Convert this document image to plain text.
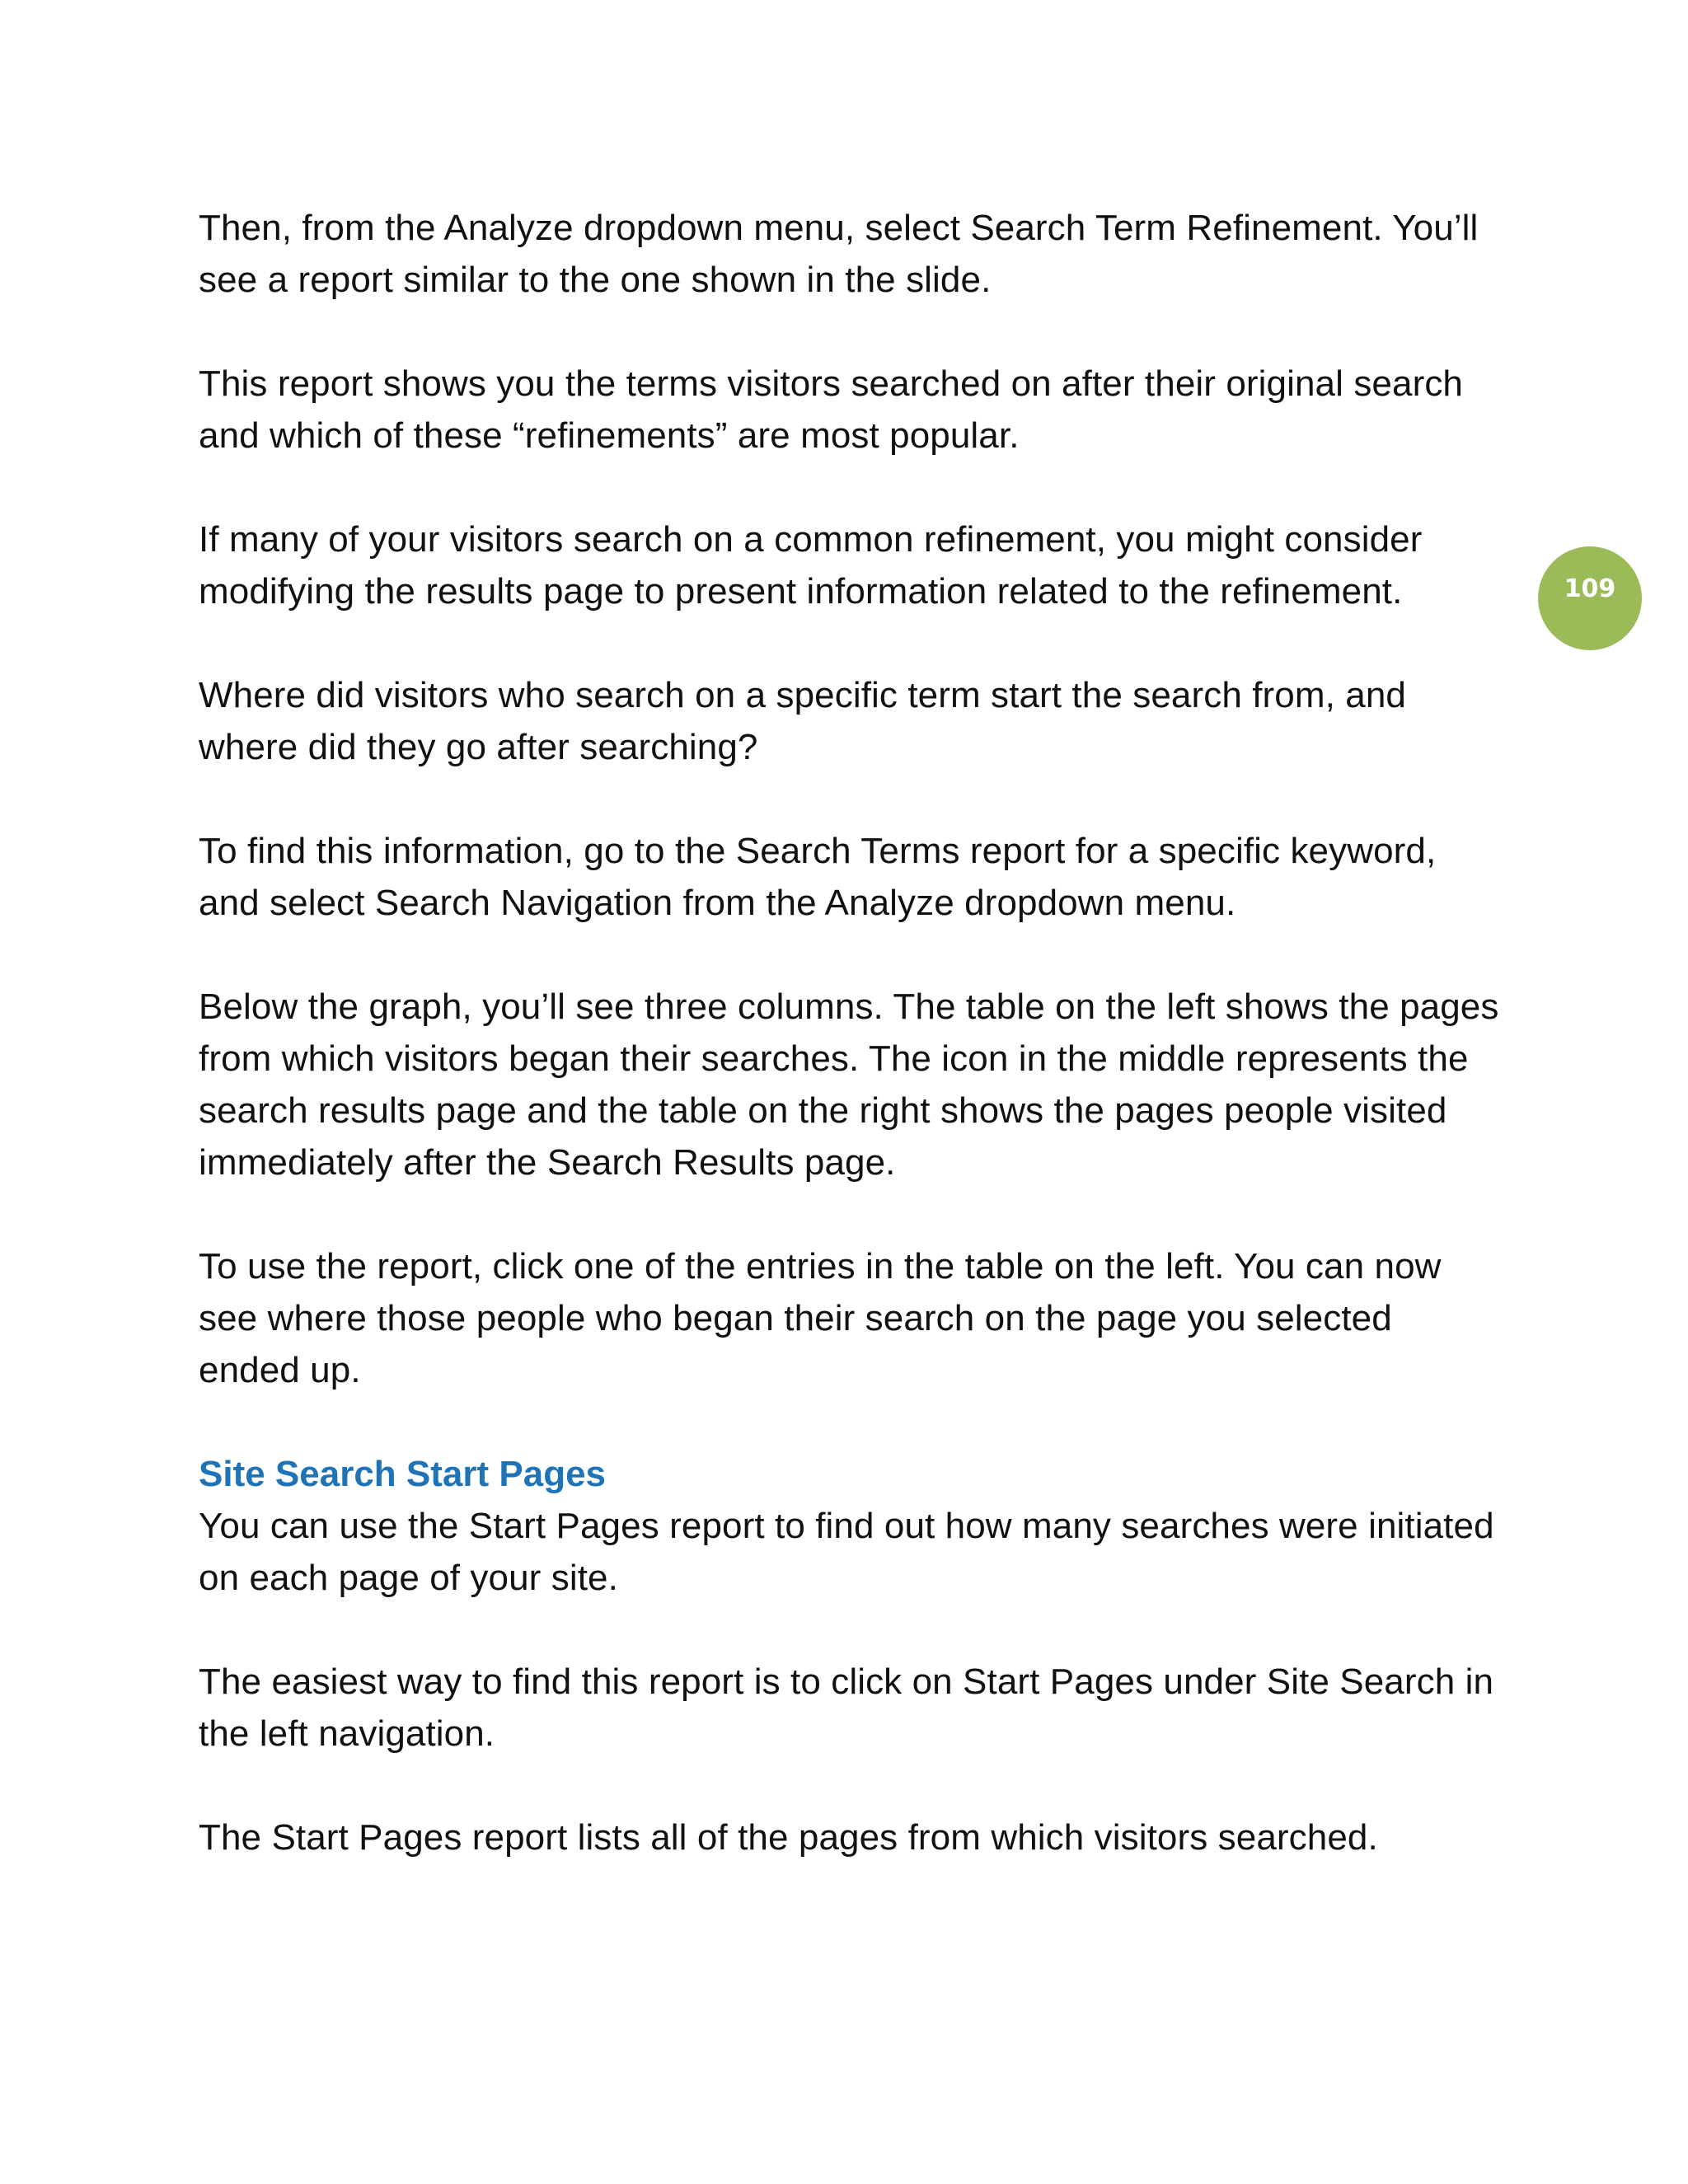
Then, from the Analyze dropdown menu, select Search Term Refinement. You’ll see a report similar to the one shown in the slide.

This report shows you the terms visitors searched on after their original search and which of these “refinements” are most popular.

If many of your visitors search on a common refinement, you might consider modifying the results page to present information related to the refinement.

Where did visitors who search on a specific term start the search from, and where did they go after searching?

To find this information, go to the Search Terms report for a specific keyword, and select Search Navigation from the Analyze dropdown menu.

Below the graph, you’ll see three columns. The table on the left shows the pages from which visitors began their searches. The icon in the middle represents the search results page and the table on the right shows the pages people visited immediately after the Search Results page.

To use the report, click one of the entries in the table on the left. You can now see where those people who began their search on the page you selected ended up.

Site Search Start Pages

You can use the Start Pages report to find out how many searches were initiated on each page of your site.

The easiest way to find this report is to click on Start Pages under Site Search in the left navigation.

The Start Pages report lists all of the pages from which visitors searched.

109
